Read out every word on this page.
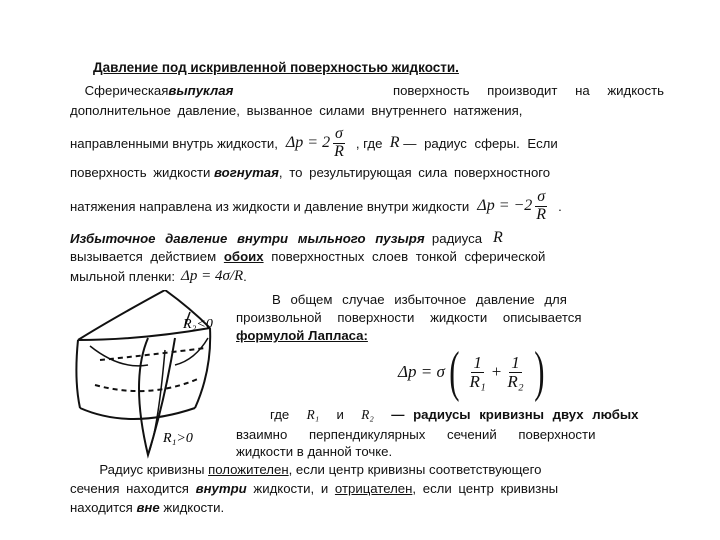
Давление под искривленной поверхностью жидкости.
Сферическая выпуклая	поверхность производит на жидкость
дополнительное давление, вызванное силами внутреннего натяжения,
направленными внутрь жидкости, $\Delta p = 2 \frac{\sigma}{R}$ , где
R
— радиус сферы. Если
поверхность жидкости
вогнутая , то результирующая сила поверхностного
натяжения направлена из жидкости и давление внутри жидкости $\Delta p = -2 \frac{\sigma}{R}$ .
Избыточное давление внутри мыльного пузыря
радиуса
R
вызывается действием
обоих
поверхностных слоев тонкой сферической
мыльной пленки: Δp = 4σ/R .
В общем случае избыточное давление для
произвольной поверхности жидкости описывается
формулой Лапласа:
Δp = σ ( $\frac{1}{\text{R₁}} + \frac{1}{\text{R₂}}$ )
где R₁ и R₂ — радиусы кривизны двух любых
взаимно перпендикулярных сечений поверхности
жидкости в данной точке.

Радиус кривизны
положителен , если центр кривизны соответствующего
сечения находится
внутри
жидкости, и
отрицателен , если центр кривизны
находится
вне
жидкости.
R₂<0
R₁>0
